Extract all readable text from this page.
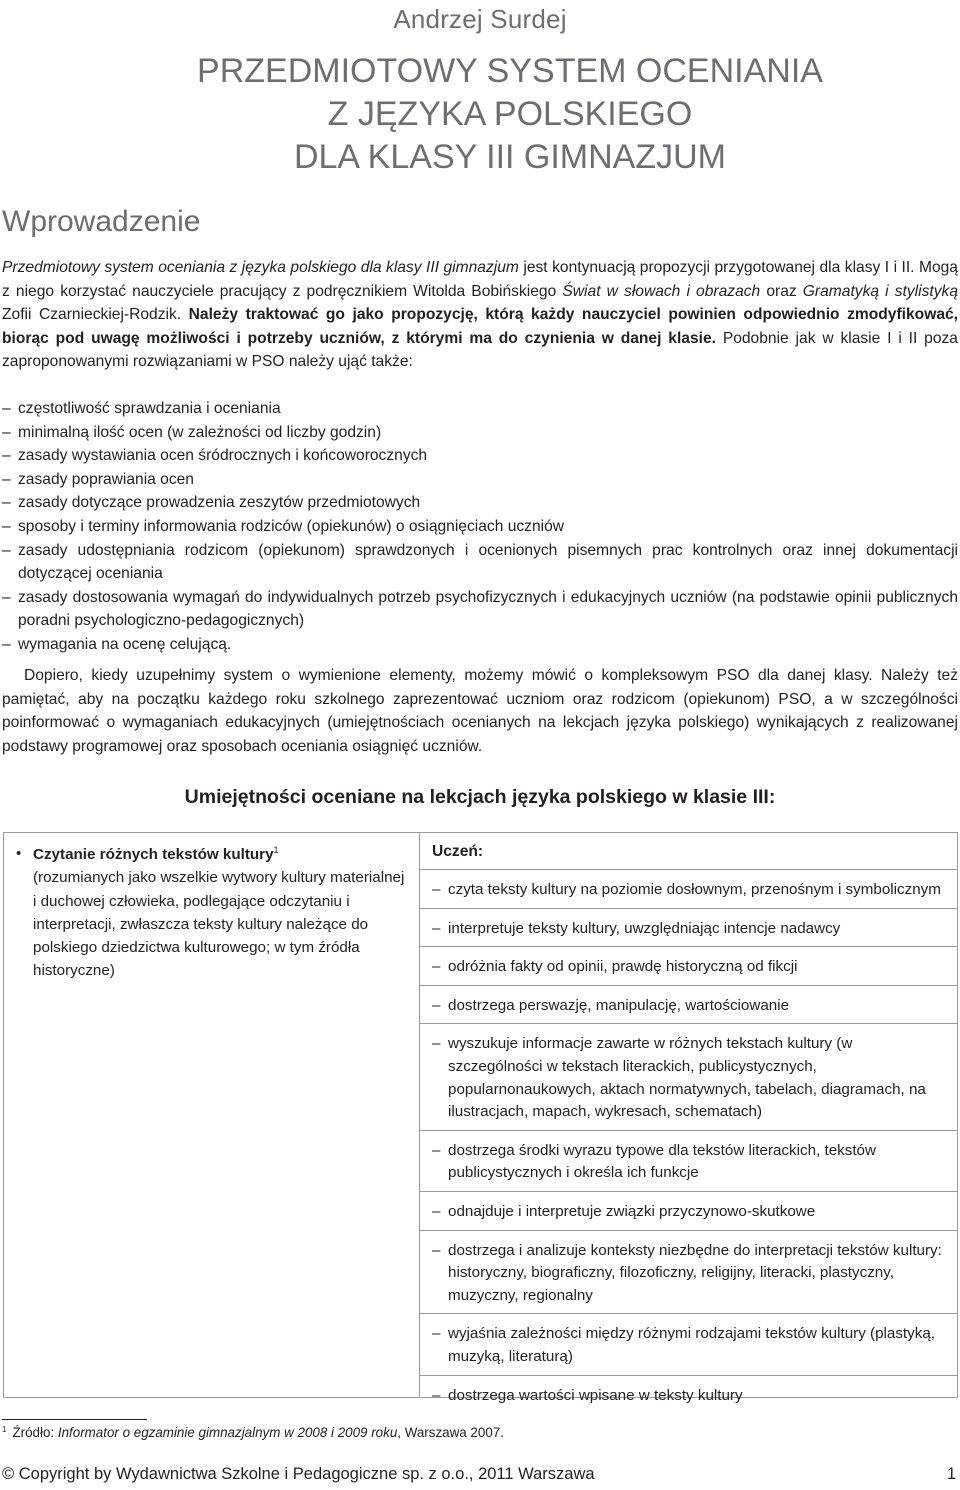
Andrzej Surdej
PRZEDMIOTOWY SYSTEM OCENIANIA
Z JĘZYKA POLSKIEGO
DLA KLASY III GIMNAZJUM
Wprowadzenie

Przedmiotowy system oceniania z języka polskiego dla klasy III gimnazjum jest kontynuacją propozycji przygotowanej dla klasy I i II. Mogą z niego korzystać nauczyciele pracujący z podręcznikiem Witolda Bobińskiego Świat w słowach i obrazach oraz Gramatyką i stylistyką Zofii Czarnieckiej-Rodzik. Należy traktować go jako propozycję, którą każdy nauczyciel powinien odpowiednio zmodyfikować, biorąc pod uwagę możliwości i potrzeby uczniów, z którymi ma do czynienia w danej klasie. Podobnie jak w klasie I i II poza zaproponowanymi rozwiązaniami w PSO należy ująć także:

– częstotliwość sprawdzania i oceniania
– minimalną ilość ocen (w zależności od liczby godzin)
– zasady wystawiania ocen śródrocznych i końcoworocznych
– zasady poprawiania ocen
– zasady dotyczące prowadzenia zeszytów przedmiotowych
– sposoby i terminy informowania rodziców (opiekunów) o osiągnięciach uczniów
– zasady udostępniania rodzicom (opiekunom) sprawdzonych i ocenionych pisemnych prac kontrolnych oraz innej dokumentacji dotyczącej oceniania
– zasady dostosowania wymagań do indywidualnych potrzeb psychofizycznych i edukacyjnych uczniów (na podstawie opinii publicznych poradni psychologiczno-pedagogicznych)
– wymagania na ocenę celującą.

Dopiero, kiedy uzupełnimy system o wymienione elementy, możemy mówić o kompleksowym PSO dla danej klasy. Należy też pamiętać, aby na początku każdego roku szkolnego zaprezentować uczniom oraz rodzicom (opiekunom) PSO, a w szczególności poinformować o wymaganiach edukacyjnych (umiejętnościach ocenianych na lekcjach języka polskiego) wynikających z realizowanej podstawy programowej oraz sposobach oceniania osiągnięć uczniów.

Umiejętności oceniane na lekcjach języka polskiego w klasie III:
• Czytanie różnych tekstów kultury$^1$
(rozumianych jako wszelkie wytwory kultury materialnej i duchowej człowieka, podlegające odczytaniu i interpretacji, zwłaszcza teksty kultury należące do polskiego dziedzictwa kulturowego; w tym źródła historyczne)
Uczeń:
– czyta teksty kultury na poziomie dosłownym, przenośnym i symbolicznym
– interpretuje teksty kultury, uwzględniając intencje nadawcy
– odróżnia fakty od opinii, prawdę historyczną od fikcji
– dostrzega perswazję, manipulację, wartościowanie
– wyszukuje informacje zawarte w różnych tekstach kultury (w szczególności w tekstach literackich, publicystycznych, popularnonaukowych, aktach normatywnych, tabelach, diagramach, na ilustracjach, mapach, wykresach, schematach)
– dostrzega środki wyrazu typowe dla tekstów literackich, tekstów publicystycznych i określa ich funkcje
– odnajduje i interpretuje związki przyczynowo-skutkowe
– dostrzega i analizuje konteksty niezbędne do interpretacji tekstów kultury: historyczny, biograficzny, filozoficzny, religijny, literacki, plastyczny, muzyczny, regionalny
– wyjaśnia zależności między różnymi rodzajami tekstów kultury (plastyką, muzyką, literaturą)
– dostrzega wartości wpisane w teksty kultury
$^1$ Źródło: Informator o egzaminie gimnazjalnym w 2008 i 2009 roku, Warszawa 2007.
© Copyright by Wydawnictwa Szkolne i Pedagogiczne sp. z o.o., 2011 Warszawa	1
